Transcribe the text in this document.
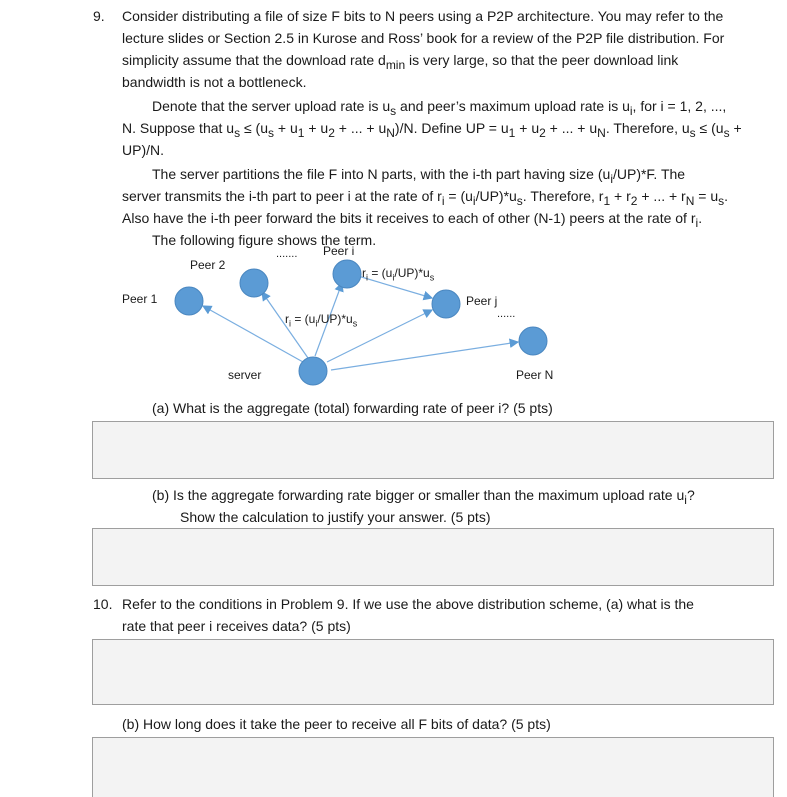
9. Consider distributing a file of size F bits to N peers using a P2P architecture. You may refer to the
lecture slides or Section 2.5 in Kurose and Ross’ book for a review of the P2P file distribution. For
simplicity assume that the download rate $d_{min}$ is very large, so that the peer download link
bandwidth is not a bottleneck.
Denote that the server upload rate is $u_s$ and peer’s maximum upload rate is $u_i$, for i = 1, 2, ...,
N. Suppose that $u_s \le (u_s + u_1 + u_2$ + ... + $u_N)/N$. Define UP = $u_1 + u_2$ + ... + $u_N$. Therefore, $u_s \le (u_s$ +
UP)/N.
The server partitions the file F into N parts, with the i-th part having size $(u_i/UP)*F$. The
server transmits the i-th part to peer i at the rate of $r_i = (u_i/UP)*u_s$. Therefore, $r_1 + r_2$ + ... + $r_N = u_s$.
Also have the i-th peer forward the bits it receives to each of other (N-1) peers at the rate of $r_i$.
The following figure shows the term.
Peer 2
....... Peer i
$r_i = (u_i/UP)*u_s$
Peer 1	Peer j
......
$r_i = (u_i/UP)*u_s$
server	Peer N
(a) What is the aggregate (total) forwarding rate of peer i? (5 pts)
(b) Is the aggregate forwarding rate bigger or smaller than the maximum upload rate $u_i$?
Show the calculation to justify your answer. (5 pts)
10. Refer to the conditions in Problem 9. If we use the above distribution scheme, (a) what is the
rate that peer i receives data? (5 pts)
(b) How long does it take the peer to receive all F bits of data? (5 pts)
